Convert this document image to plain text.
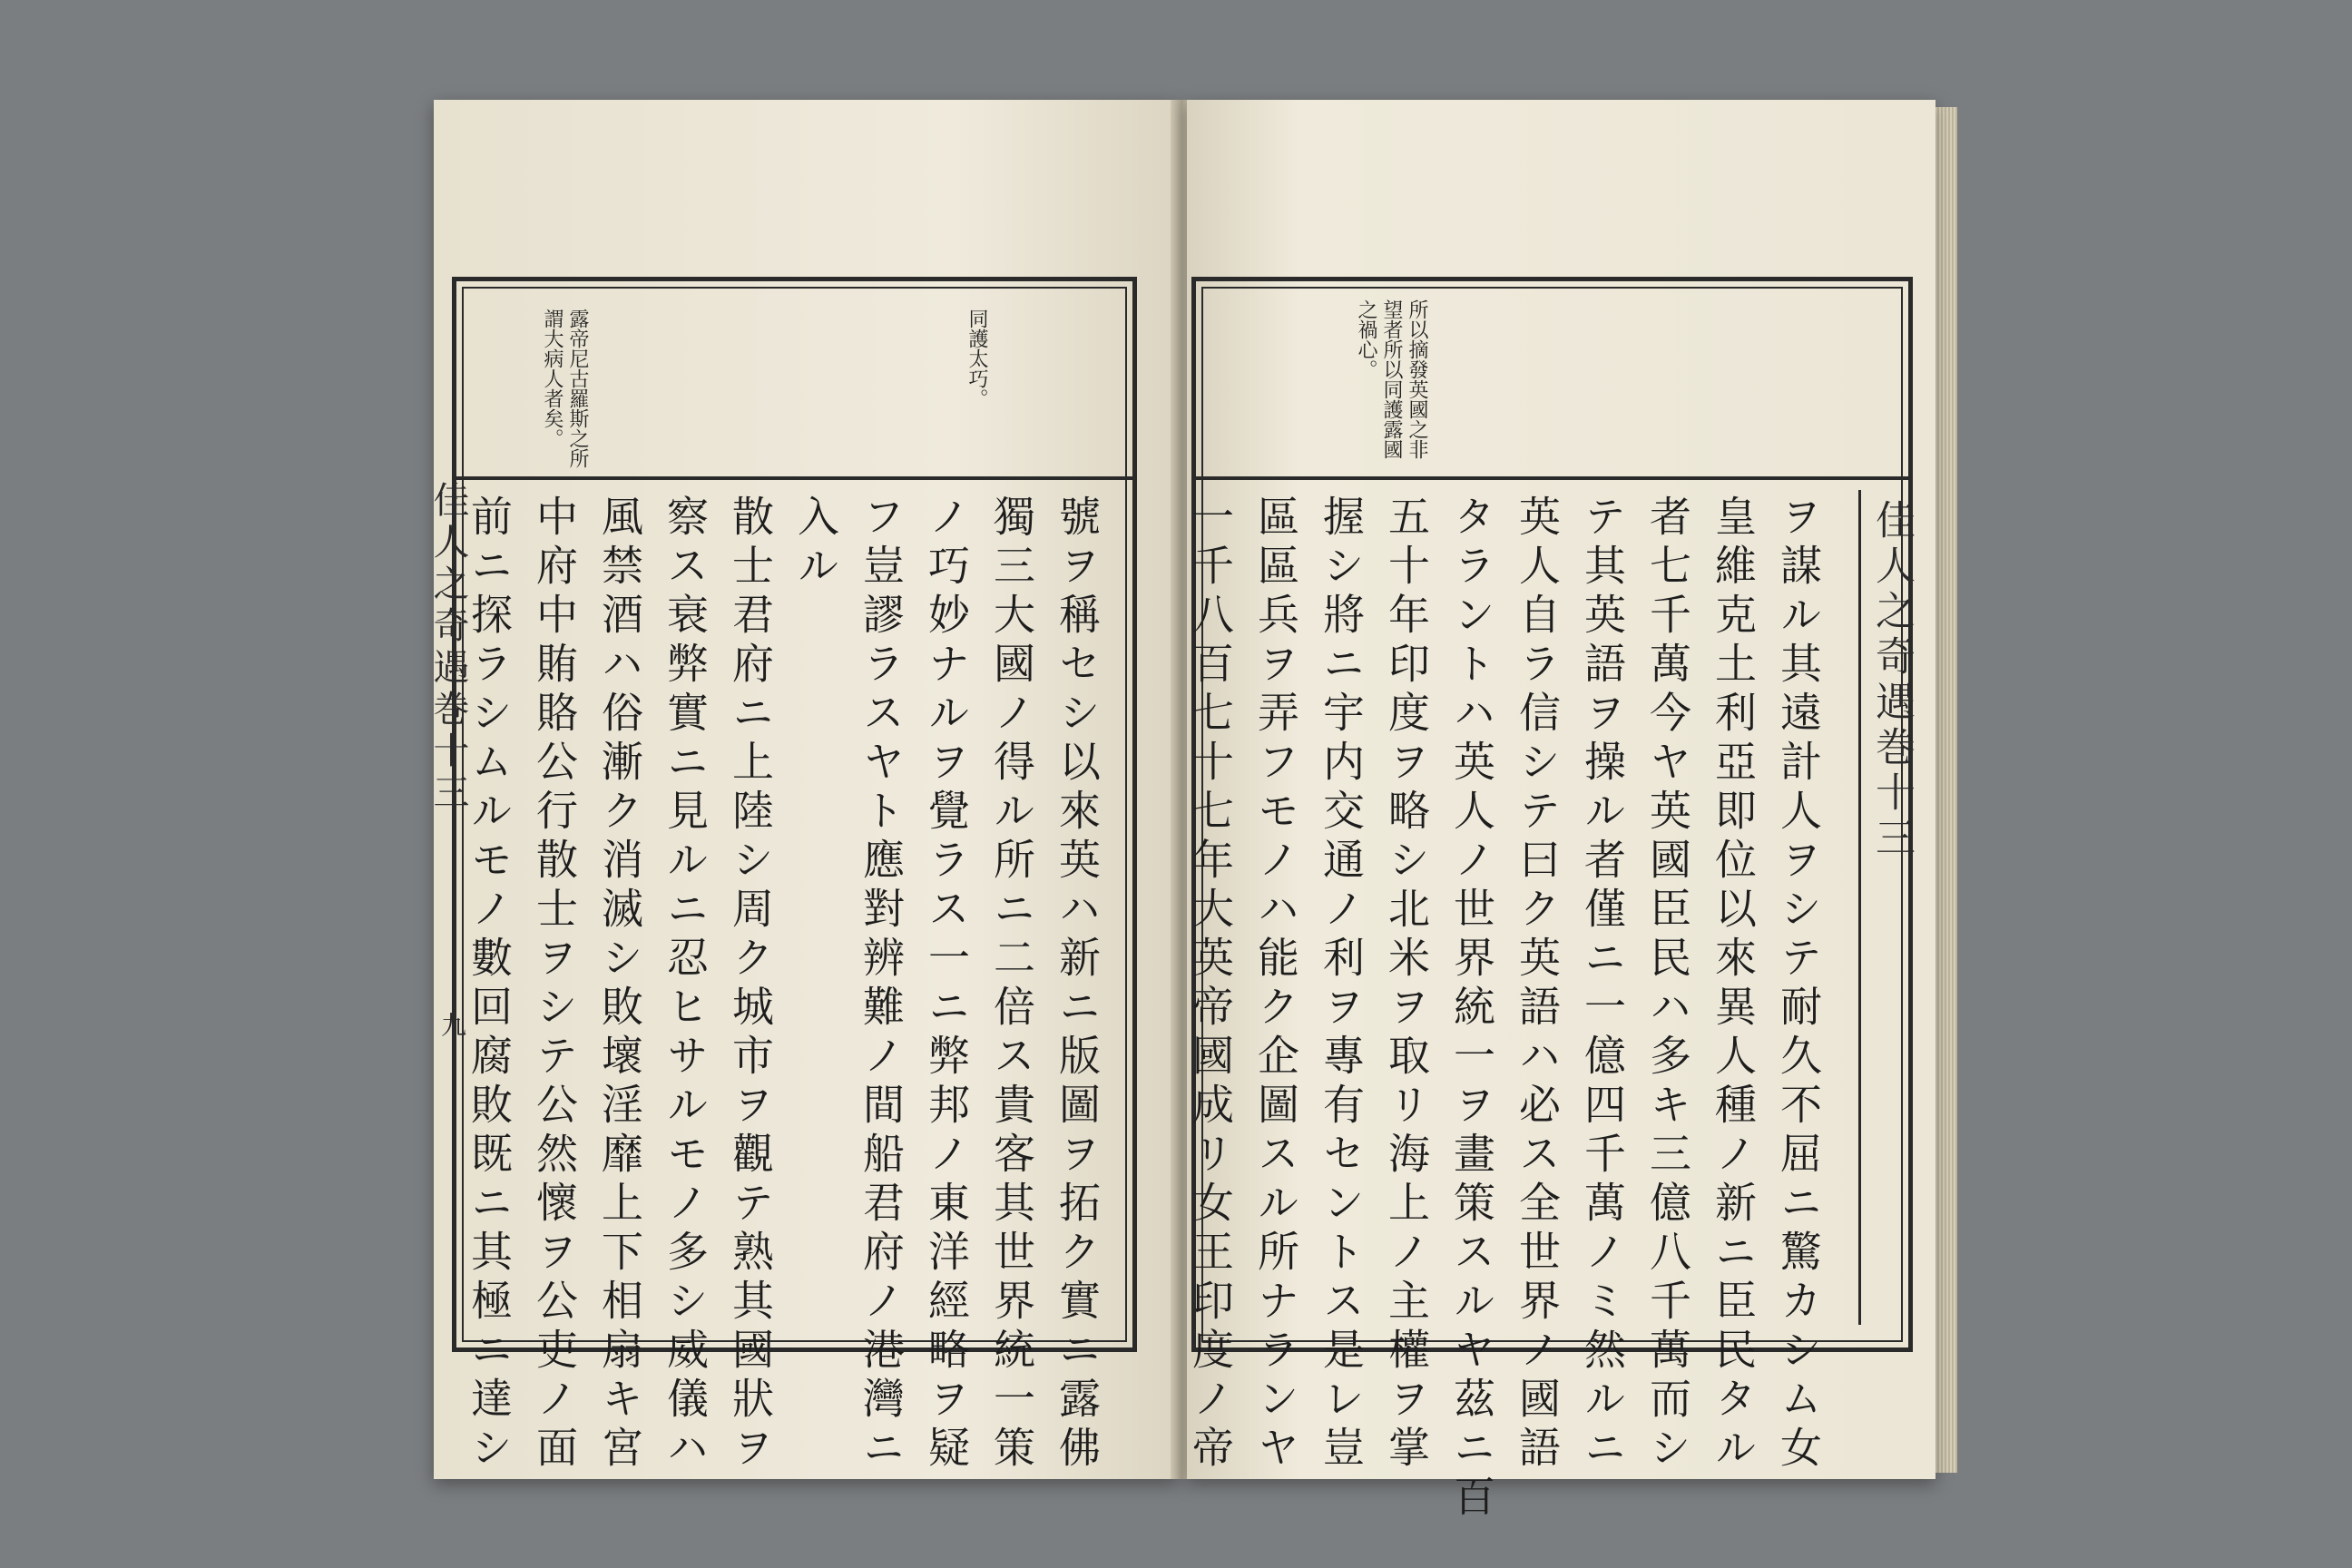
同護太巧。
露帝尼古羅斯之所
謂大病人者矣。
號ヲ稱セシ以來英ハ新ニ版圖ヲ拓ク實ニ露佛
獨三大國ノ得ル所ニ二倍ス貴客其世界統一策
ノ巧妙ナルヲ覺ラス一ニ弊邦ノ東洋經略ヲ疑
フ豈謬ラスヤト應對辨難ノ間船君府ノ港灣ニ
入ル
散士君府ニ上陸シ周ク城市ヲ觀テ熟其國狀ヲ
察ス衰弊實ニ見ルニ忍ヒサルモノ多シ威儀ハ
風禁酒ハ俗漸ク消滅シ敗壞淫靡上下相扇キ宮
中府中賄賂公行散士ヲシテ公然懷ヲ公吏ノ面
前ニ探ラシムルモノ數回腐敗既ニ其極ニ達シ
佳人之奇遇巻十三
九
所以摘發英國之非
望者所以同護露國
之禍心。
ヲ謀ル其遠計人ヲシテ耐久不屈ニ驚カシム女
皇維克土利亞即位以來異人種ノ新ニ臣民タル
者七千萬今ヤ英國臣民ハ多キ三億八千萬而シ
テ其英語ヲ操ル者僅ニ一億四千萬ノミ然ルニ
英人自ラ信シテ曰ク英語ハ必ス全世界ノ國語
タラントハ英人ノ世界統一ヲ畫策スルヤ茲ニ百
五十年印度ヲ略シ北米ヲ取リ海上ノ主權ヲ掌
握シ將ニ宇内交通ノ利ヲ專有セントス是レ豈
區區兵ヲ弄フモノハ能ク企圖スル所ナランヤ
一千八百七十七年大英帝國成リ女王印度ノ帝	佳人之奇遇巻十三
